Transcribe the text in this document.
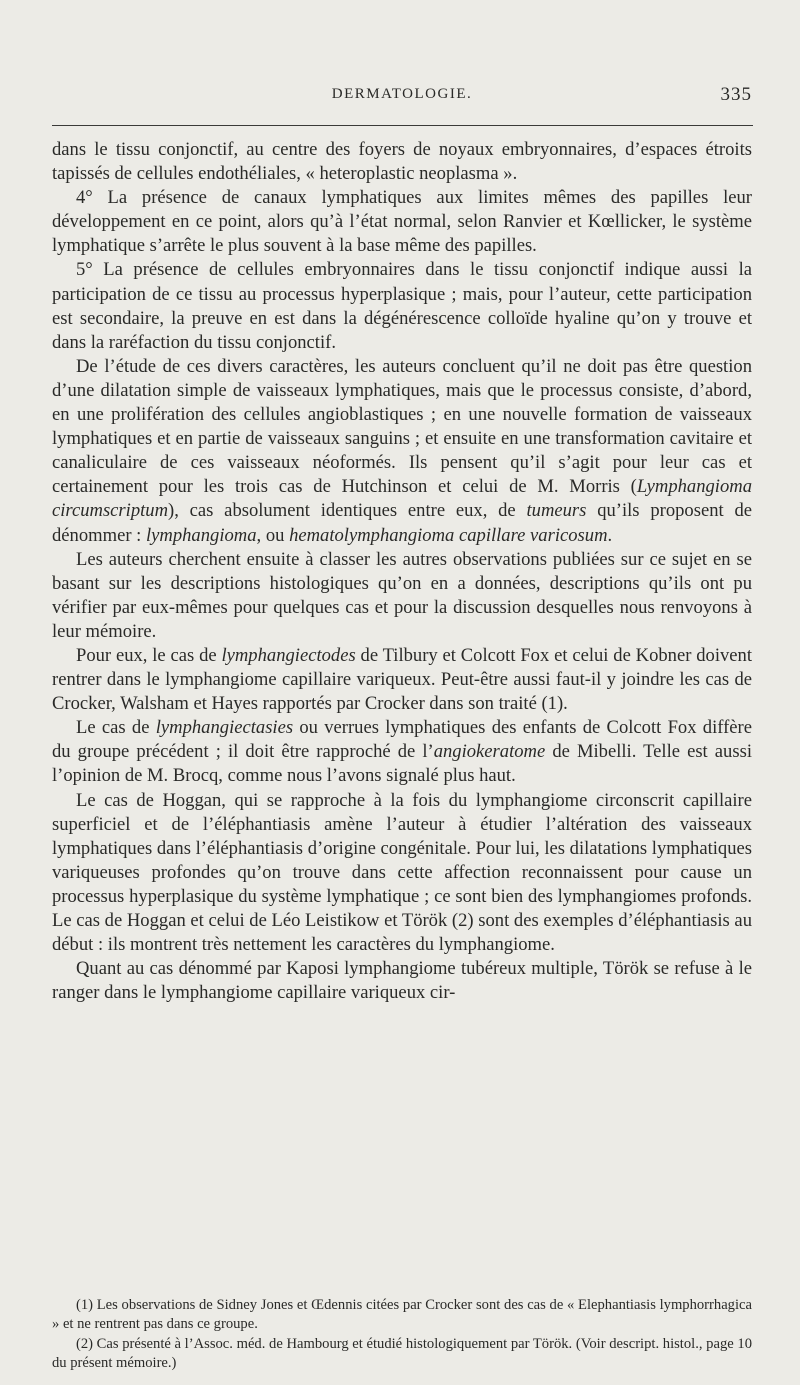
DERMATOLOGIE.	335

dans le tissu conjonctif, au centre des foyers de noyaux embryonnaires, d’espaces étroits tapissés de cellules endothéliales, « heteroplastic neoplasma ».

4° La présence de canaux lymphatiques aux limites mêmes des papilles leur développement en ce point, alors qu’à l’état normal, selon Ranvier et Kœllicker, le système lymphatique s’arrête le plus souvent à la base même des papilles.

5° La présence de cellules embryonnaires dans le tissu conjonctif indique aussi la participation de ce tissu au processus hyperplasique ; mais, pour l’auteur, cette participation est secondaire, la preuve en est dans la dégénérescence colloïde hyaline qu’on y trouve et dans la raréfaction du tissu conjonctif.

De l’étude de ces divers caractères, les auteurs concluent qu’il ne doit pas être question d’une dilatation simple de vaisseaux lymphatiques, mais que le processus consiste, d’abord, en une prolifération des cellules angioblastiques ; en une nouvelle formation de vaisseaux lymphatiques et en partie de vaisseaux sanguins ; et ensuite en une transformation cavitaire et canaliculaire de ces vaisseaux néoformés. Ils pensent qu’il s’agit pour leur cas et certainement pour les trois cas de Hutchinson et celui de M. Morris (Lymphangioma circumscriptum), cas absolument identiques entre eux, de tumeurs qu’ils proposent de dénommer : lymphangioma, ou hematolymphangioma capillare varicosum.

Les auteurs cherchent ensuite à classer les autres observations publiées sur ce sujet en se basant sur les descriptions histologiques qu’on en a données, descriptions qu’ils ont pu vérifier par eux-mêmes pour quelques cas et pour la discussion desquelles nous renvoyons à leur mémoire.

Pour eux, le cas de lymphangiectodes de Tilbury et Colcott Fox et celui de Kobner doivent rentrer dans le lymphangiome capillaire variqueux. Peut-être aussi faut-il y joindre les cas de Crocker, Walsham et Hayes rapportés par Crocker dans son traité (1).

Le cas de lymphangiectasies ou verrues lymphatiques des enfants de Colcott Fox diffère du groupe précédent ; il doit être rapproché de l’angiokeratome de Mibelli. Telle est aussi l’opinion de M. Brocq, comme nous l’avons signalé plus haut.

Le cas de Hoggan, qui se rapproche à la fois du lymphangiome circonscrit capillaire superficiel et de l’éléphantiasis amène l’auteur à étudier l’altération des vaisseaux lymphatiques dans l’éléphantiasis d’origine congénitale. Pour lui, les dilatations lymphatiques variqueuses profondes qu’on trouve dans cette affection reconnaissent pour cause un processus hyperplasique du système lymphatique ; ce sont bien des lymphangiomes profonds. Le cas de Hoggan et celui de Léo Leistikow et Török (2) sont des exemples d’éléphantiasis au début : ils montrent très nettement les caractères du lymphangiome.

Quant au cas dénommé par Kaposi lymphangiome tubéreux multiple, Török se refuse à le ranger dans le lymphangiome capillaire variqueux cir-

(1) Les observations de Sidney Jones et Œdennis citées par Crocker sont des cas de « Elephantiasis lymphorrhagica » et ne rentrent pas dans ce groupe.

(2) Cas présenté à l’Assoc. méd. de Hambourg et étudié histologiquement par Török. (Voir descript. histol., page 10 du présent mémoire.)
